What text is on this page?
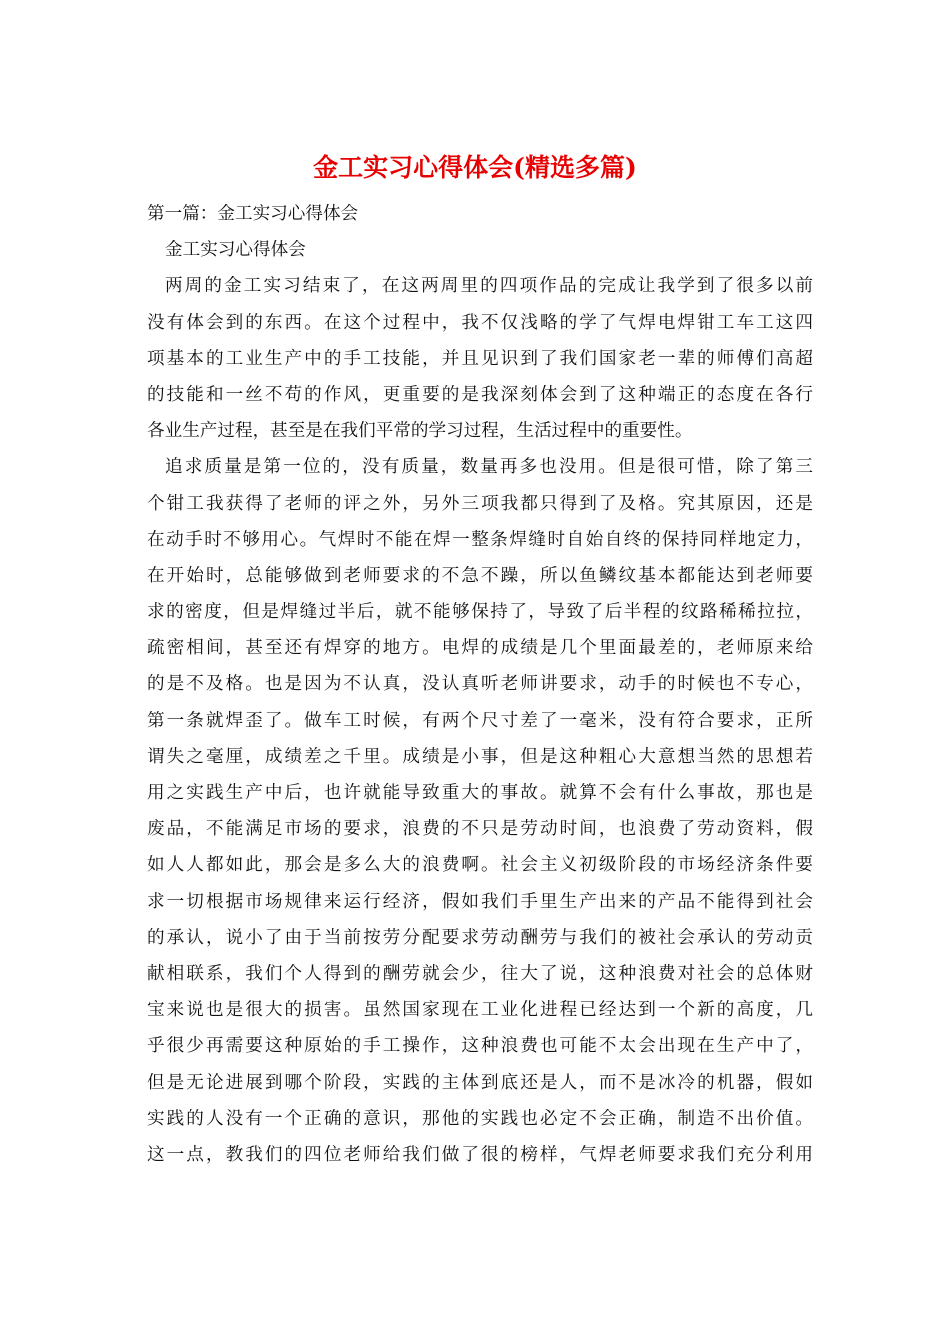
金工实习心得体会(精选多篇)
第一篇：金工实习心得体会
金工实习心得体会
两周的金工实习结束了，在这两周里的四项作品的完成让我学到了很多以前
没有体会到的东西。在这个过程中，我不仅浅略的学了气焊电焊钳工车工这四
项基本的工业生产中的手工技能，并且见识到了我们国家老一辈的师傅们高超
的技能和一丝不苟的作风，更重要的是我深刻体会到了这种端正的态度在各行
各业生产过程，甚至是在我们平常的学习过程，生活过程中的重要性。
追求质量是第一位的，没有质量，数量再多也没用。但是很可惜，除了第三
个钳工我获得了老师的评之外，另外三项我都只得到了及格。究其原因，还是
在动手时不够用心。气焊时不能在焊一整条焊缝时自始自终的保持同样地定力，
在开始时，总能够做到老师要求的不急不躁，所以鱼鳞纹基本都能达到老师要
求的密度，但是焊缝过半后，就不能够保持了，导致了后半程的纹路稀稀拉拉，
疏密相间，甚至还有焊穿的地方。电焊的成绩是几个里面最差的，老师原来给
的是不及格。也是因为不认真，没认真听老师讲要求，动手的时候也不专心，
第一条就焊歪了。做车工时候，有两个尺寸差了一毫米，没有符合要求，正所
谓失之毫厘，成绩差之千里。成绩是小事，但是这种粗心大意想当然的思想若
用之实践生产中后，也许就能导致重大的事故。就算不会有什么事故，那也是
废品，不能满足市场的要求，浪费的不只是劳动时间，也浪费了劳动资料，假
如人人都如此，那会是多么大的浪费啊。社会主义初级阶段的市场经济条件要
求一切根据市场规律来运行经济，假如我们手里生产出来的产品不能得到社会
的承认，说小了由于当前按劳分配要求劳动酬劳与我们的被社会承认的劳动贡
献相联系，我们个人得到的酬劳就会少，往大了说，这种浪费对社会的总体财
宝来说也是很大的损害。虽然国家现在工业化进程已经达到一个新的高度，几
乎很少再需要这种原始的手工操作，这种浪费也可能不太会出现在生产中了，
但是无论进展到哪个阶段，实践的主体到底还是人，而不是冰冷的机器，假如
实践的人没有一个正确的意识，那他的实践也必定不会正确，制造不出价值。
这一点，教我们的四位老师给我们做了很的榜样，气焊老师要求我们充分利用
